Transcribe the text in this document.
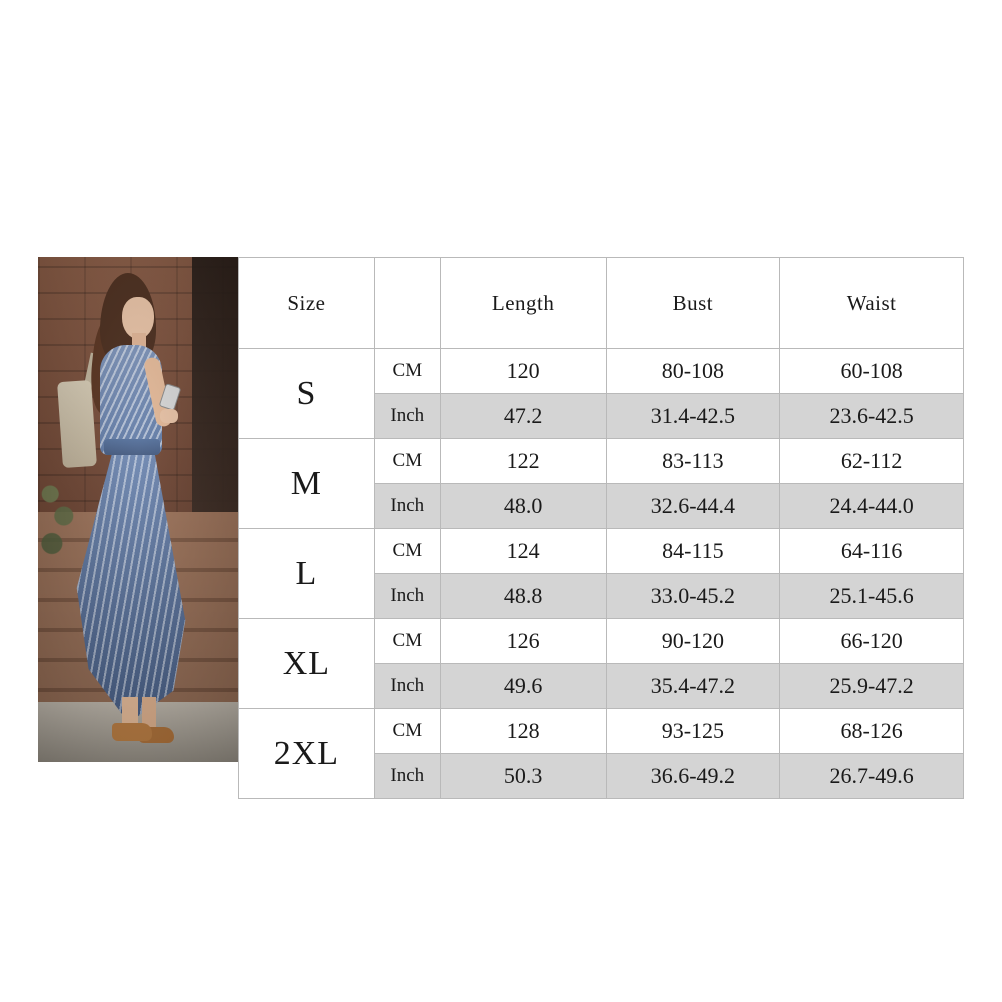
Size		Length	Bust	Waist
S	CM	120	80-108	60-108
	Inch	47.2	31.4-42.5	23.6-42.5
M	CM	122	83-113	62-112
	Inch	48.0	32.6-44.4	24.4-44.0
L	CM	124	84-115	64-116
	Inch	48.8	33.0-45.2	25.1-45.6
XL	CM	126	90-120	66-120
	Inch	49.6	35.4-47.2	25.9-47.2
2XL	CM	128	93-125	68-126
	Inch	50.3	36.6-49.2	26.7-49.6
